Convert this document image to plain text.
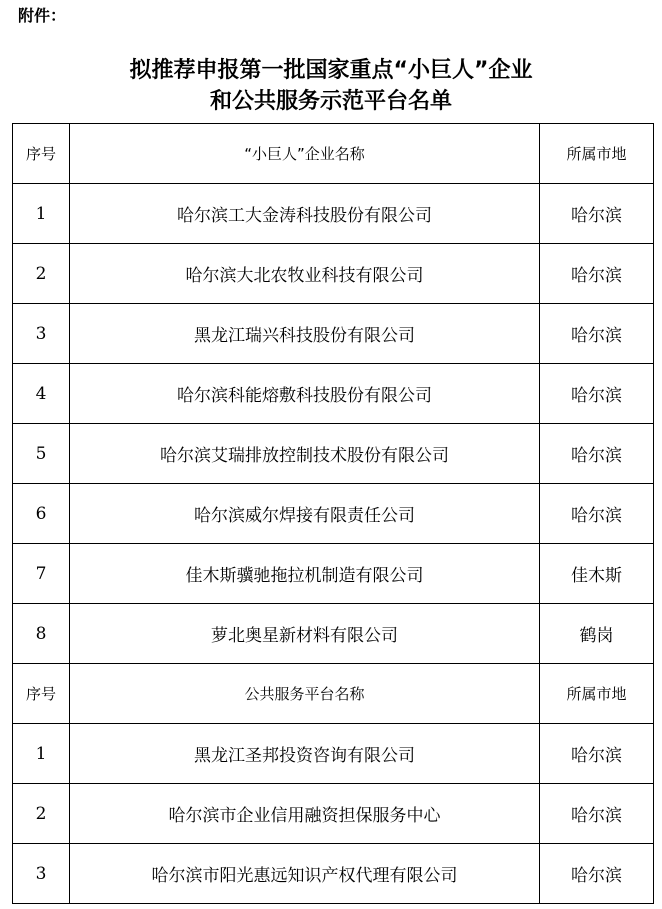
附件：
拟推荐申报第一批国家重点“小巨人”企业
和公共服务示范平台名单
序号	“小巨人”企业名称	所属市地
1	哈尔滨工大金涛科技股份有限公司	哈尔滨
2	哈尔滨大北农牧业科技有限公司	哈尔滨
3	黑龙江瑞兴科技股份有限公司	哈尔滨
4	哈尔滨科能熔敷科技股份有限公司	哈尔滨
5	哈尔滨艾瑞排放控制技术股份有限公司	哈尔滨
6	哈尔滨威尔焊接有限责任公司	哈尔滨
7	佳木斯骥驰拖拉机制造有限公司	佳木斯
8	萝北奥星新材料有限公司	鹤岗
序号	公共服务平台名称	所属市地
1	黑龙江圣邦投资咨询有限公司	哈尔滨
2	哈尔滨市企业信用融资担保服务中心	哈尔滨
3	哈尔滨市阳光惠远知识产权代理有限公司	哈尔滨
